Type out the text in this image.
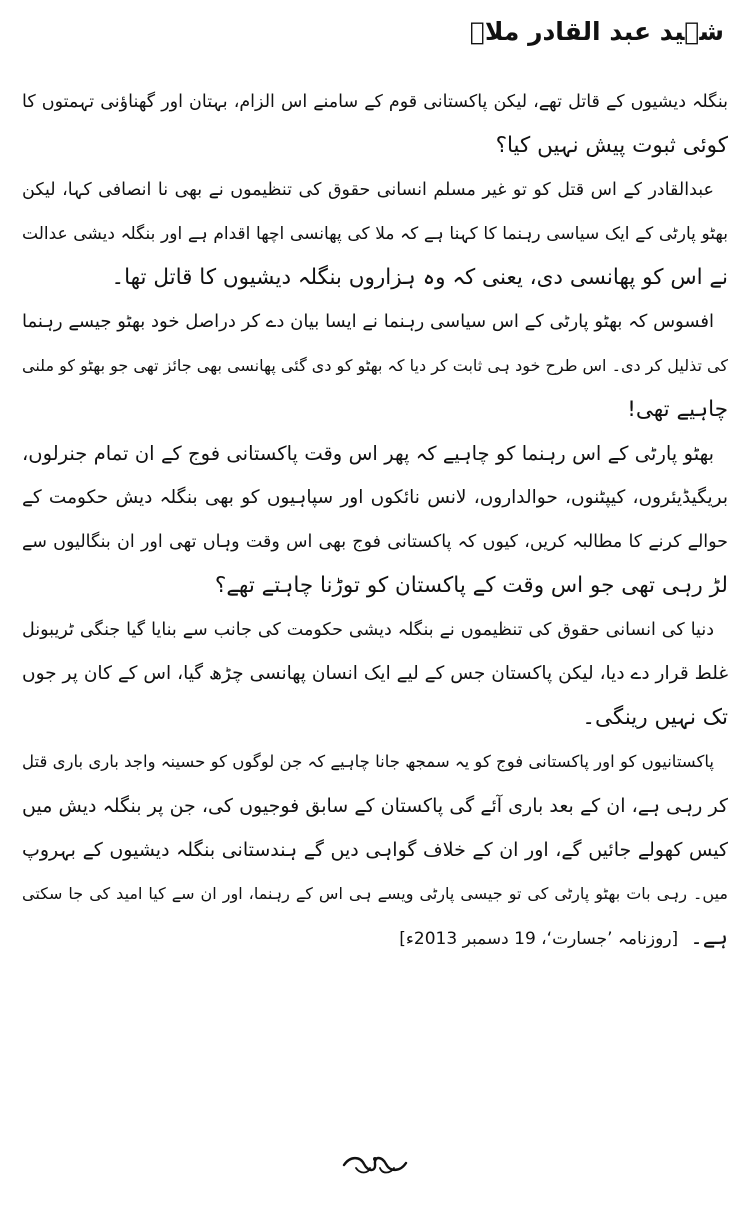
شہید عبد القادر ملاؒ
بنگلہ دیشیوں کے قاتل تھے، لیکن پاکستانی قوم کے سامنے اس الزام، بہتان اور گھناؤنی تہمتوں کا
کوئی ثبوت پیش نہیں کیا؟
عبدالقادر کے اس قتل کو تو غیر مسلم انسانی حقوق کی تنظیموں نے بھی نا انصافی کہا، لیکن
بھٹو پارٹی کے ایک سیاسی رہنما کا کہنا ہے کہ ملا کی پھانسی اچھا اقدام ہے اور بنگلہ دیشی عدالت
نے اس کو پھانسی دی، یعنی کہ وہ ہزاروں بنگلہ دیشیوں کا قاتل تھا۔
افسوس کہ بھٹو پارٹی کے اس سیاسی رہنما نے ایسا بیان دے کر دراصل خود بھٹو جیسے رہنما
کی تذلیل کر دی۔ اس طرح خود ہی ثابت کر دیا کہ بھٹو کو دی گئی پھانسی بھی جائز تھی جو بھٹو کو ملنی
چاہیے تھی!
بھٹو پارٹی کے اس رہنما کو چاہیے کہ پھر اس وقت پاکستانی فوج کے ان تمام جنرلوں،
بریگیڈیئروں، کیپٹنوں، حوالداروں، لانس نائکوں اور سپاہیوں کو بھی بنگلہ دیش حکومت کے
حوالے کرنے کا مطالبہ کریں، کیوں کہ پاکستانی فوج بھی اس وقت وہاں تھی اور ان بنگالیوں سے
لڑ رہی تھی جو اس وقت کے پاکستان کو توڑنا چاہتے تھے؟
دنیا کی انسانی حقوق کی تنظیموں نے بنگلہ دیشی حکومت کی جانب سے بنایا گیا جنگی ٹریبونل
غلط قرار دے دیا، لیکن پاکستان جس کے لیے ایک انسان پھانسی چڑھ گیا، اس کے کان پر جوں
تک نہیں رینگی۔
پاکستانیوں کو اور پاکستانی فوج کو یہ سمجھ جانا چاہیے کہ جن لوگوں کو حسینہ واجد باری باری قتل
کر رہی ہے، ان کے بعد باری آئے گی پاکستان کے سابق فوجیوں کی، جن پر بنگلہ دیش میں
کیس کھولے جائیں گے، اور ان کے خلاف گواہی دیں گے ہندستانی بنگلہ دیشیوں کے بہروپ
میں۔ رہی بات بھٹو پارٹی کی تو جیسی پارٹی ویسے ہی اس کے رہنما، اور ان سے کیا امید کی جا سکتی
ہے۔[روزنامہ ’جسارت‘، 19 دسمبر 2013ء]
